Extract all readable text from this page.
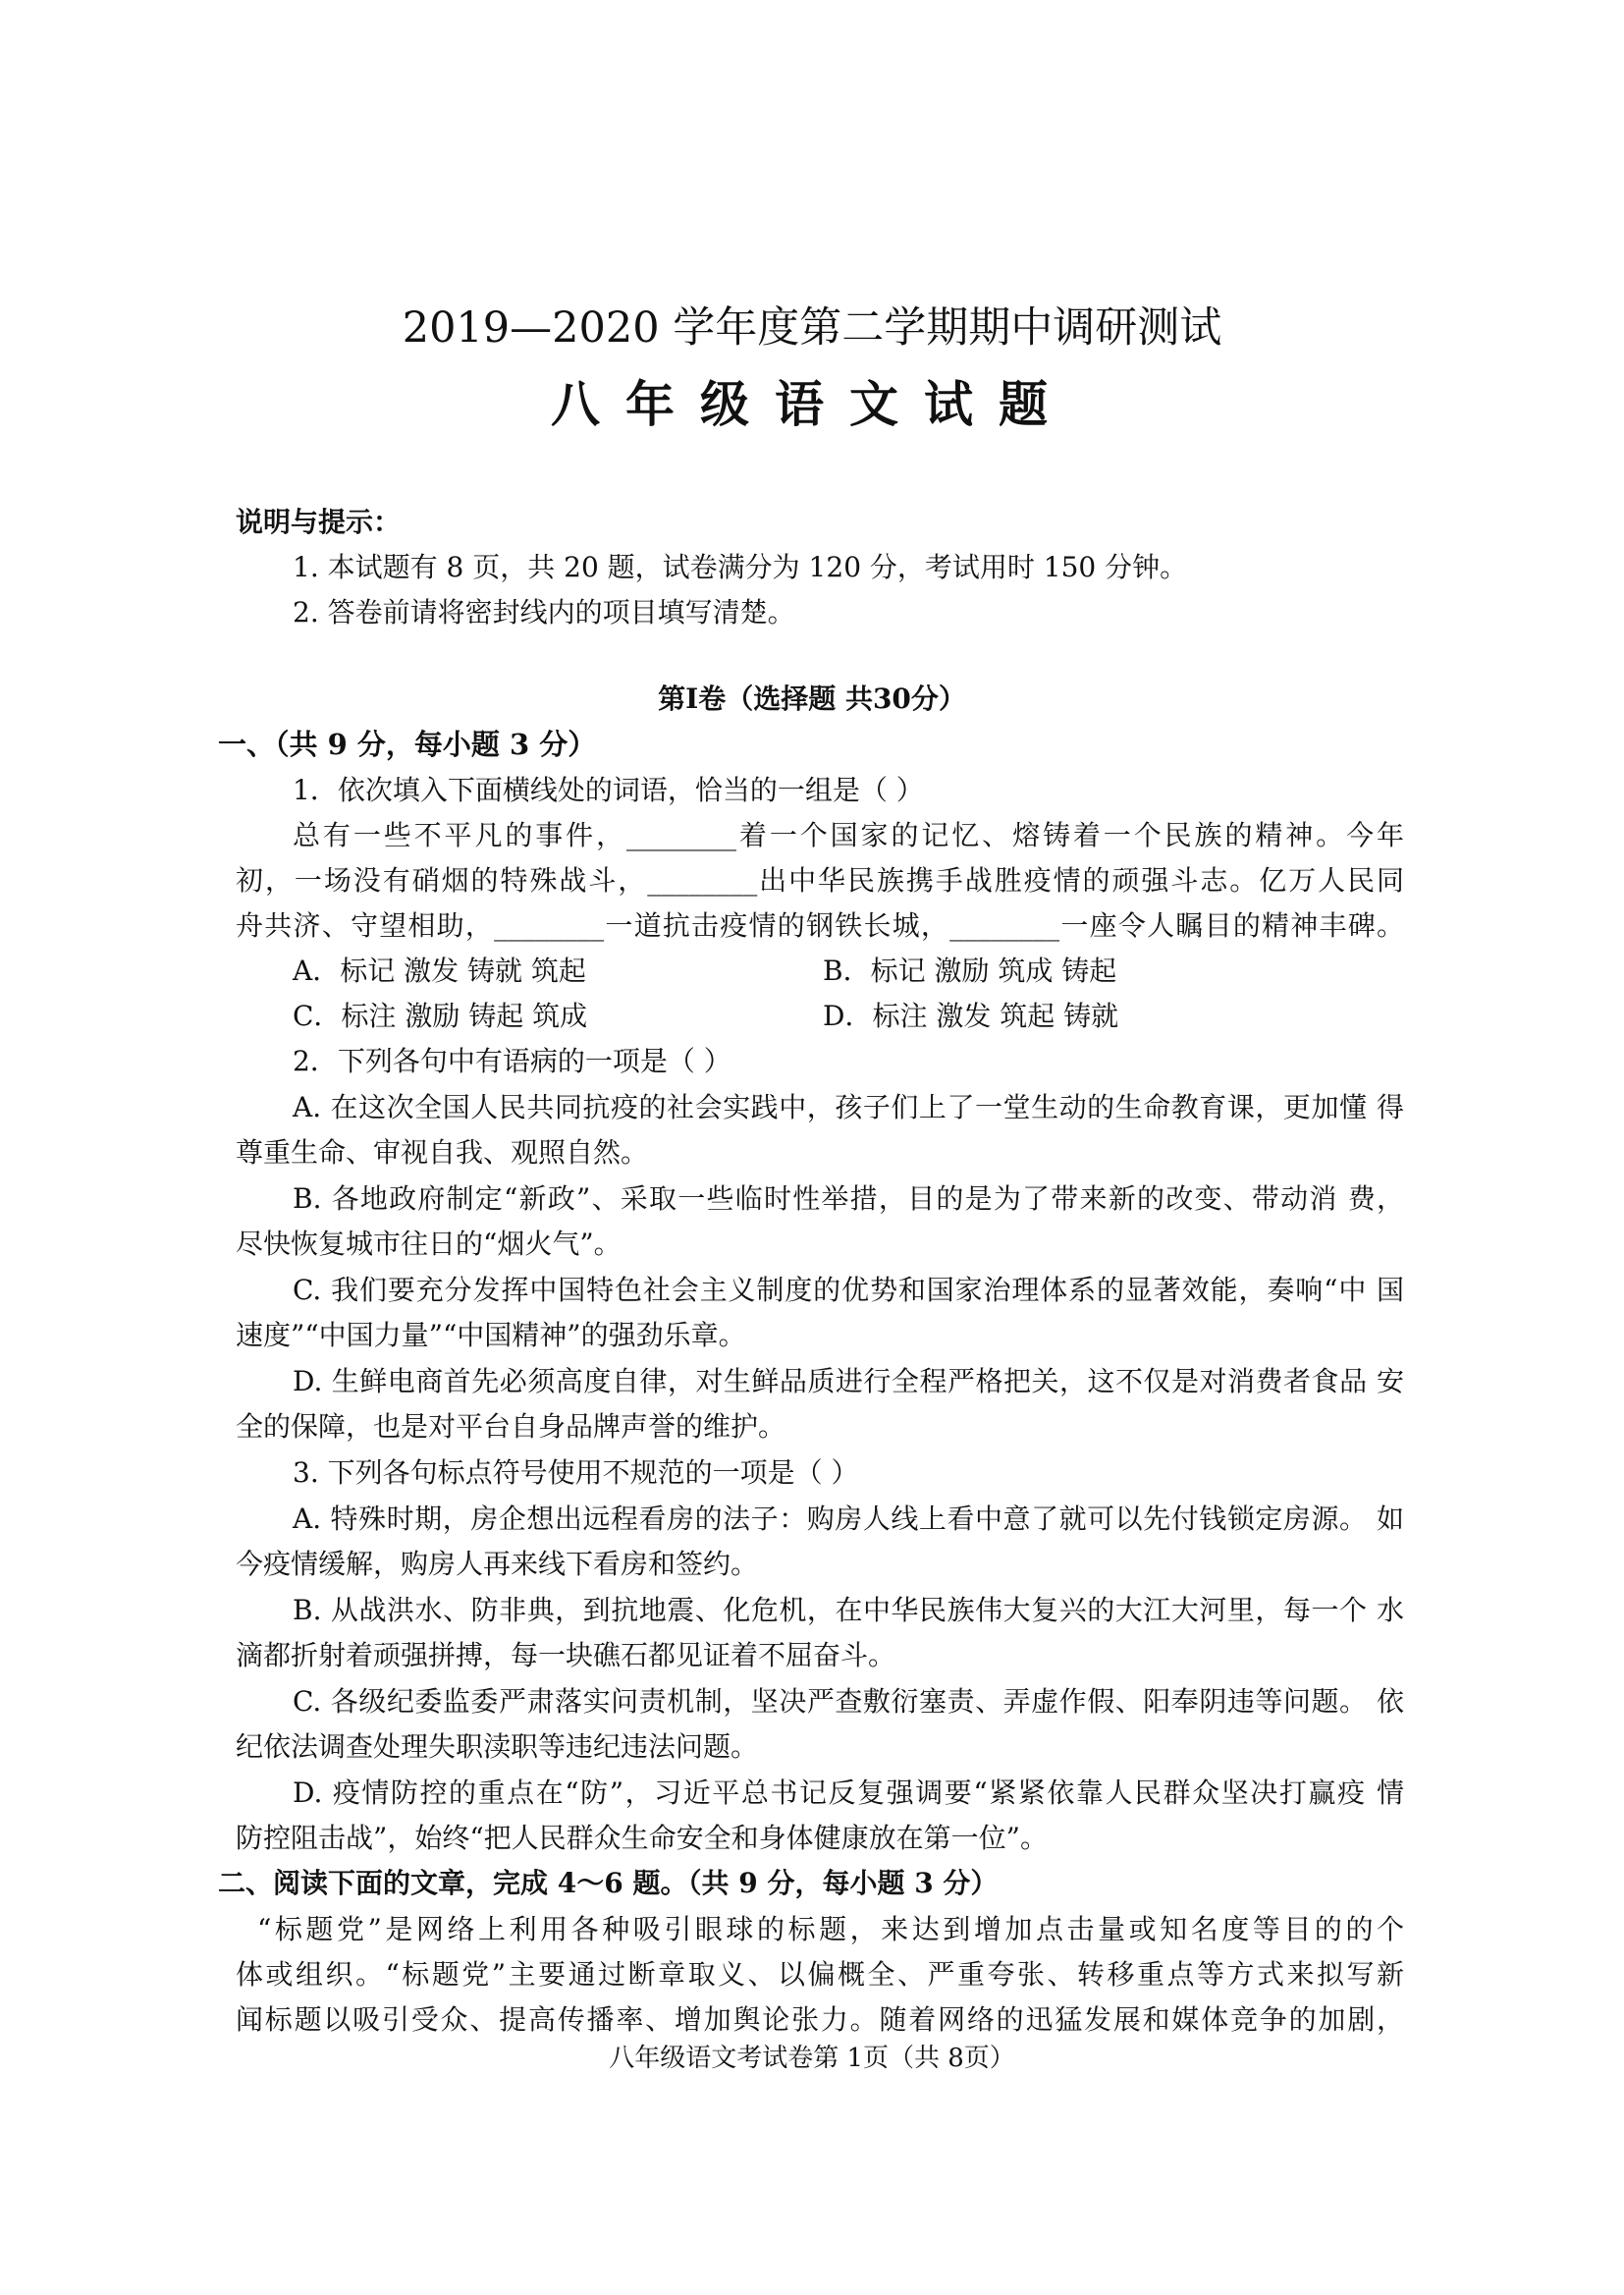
2019—2020 学年度第二学期期中调研测试
八年级语文试题
说明与提示：
1. 本试题有 8 页，共 20 题，试卷满分为 120 分，考试用时 150 分钟。
2. 答卷前请将密封线内的项目填写清楚。
第Ⅰ卷（选择题 共30分）
一、（共 9 分，每小题 3 分）
1．依次填入下面横线处的词语，恰当的一组是（ ）
总有一些不平凡的事件，________着一个国家的记忆、熔铸着一个民族的精神。今年
初，一场没有硝烟的特殊战斗，________出中华民族携手战胜疫情的顽强斗志。亿万人民同
舟共济、守望相助，________一道抗击疫情的钢铁长城，________一座令人瞩目的精神丰碑。
A．标记 激发 铸就 筑起	B．标记 激励 筑成 铸起
C．标注 激励 铸起 筑成	D．标注 激发 筑起 铸就
2．下列各句中有语病的一项是（ ）
A. 在这次全国人民共同抗疫的社会实践中，孩子们上了一堂生动的生命教育课，更加懂 得
尊重生命、审视自我、观照自然。
B. 各地政府制定“新政”、采取一些临时性举措，目的是为了带来新的改变、带动消 费，
尽快恢复城市往日的“烟火气”。
C. 我们要充分发挥中国特色社会主义制度的优势和国家治理体系的显著效能，奏响“中 国
速度”“中国力量”“中国精神”的强劲乐章。
D. 生鲜电商首先必须高度自律，对生鲜品质进行全程严格把关，这不仅是对消费者食品 安
全的保障，也是对平台自身品牌声誉的维护。
3. 下列各句标点符号使用不规范的一项是（ ）
A. 特殊时期，房企想出远程看房的法子：购房人线上看中意了就可以先付钱锁定房源。 如
今疫情缓解，购房人再来线下看房和签约。
B. 从战洪水、防非典，到抗地震、化危机，在中华民族伟大复兴的大江大河里，每一个 水
滴都折射着顽强拼搏，每一块礁石都见证着不屈奋斗。
C. 各级纪委监委严肃落实问责机制，坚决严查敷衍塞责、弄虚作假、阳奉阴违等问题。 依
纪依法调查处理失职渎职等违纪违法问题。
D. 疫情防控的重点在“防”，习近平总书记反复强调要“紧紧依靠人民群众坚决打赢疫 情
防控阻击战”，始终“把人民群众生命安全和身体健康放在第一位”。
二、阅读下面的文章，完成 4～6 题。（共 9 分，每小题 3 分）
“标题党”是网络上利用各种吸引眼球的标题，来达到增加点击量或知名度等目的的个
体或组织。“标题党”主要通过断章取义、以偏概全、严重夸张、转移重点等方式来拟写新
闻标题以吸引受众、提高传播率、增加舆论张力。随着网络的迅猛发展和媒体竞争的加剧，
八年级语文考试卷第 1页（共 8页）
